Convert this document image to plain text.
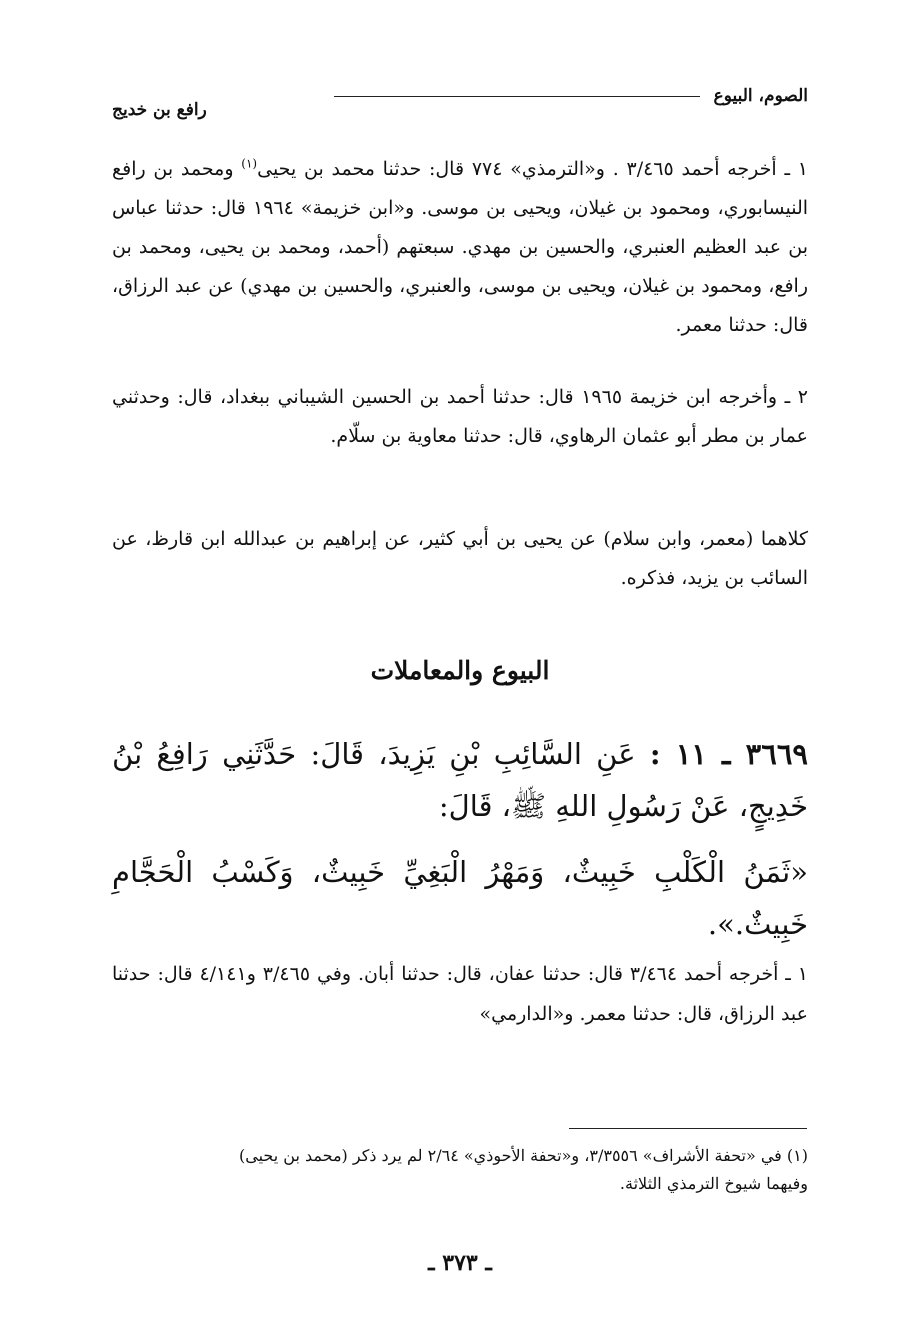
الصوم، البيوع
رافع بن خديج

١ ـ أخرجه أحمد ٣/٤٦٥ . و«الترمذي» ٧٧٤ قال: حدثنا محمد بن يحيى$^{(١)}$ ومحمد بن رافع النيسابوري، ومحمود بن غيلان، ويحيى بن موسى. و«ابن خزيمة» ١٩٦٤ قال: حدثنا عباس بن عبد العظيم العنبري، والحسين بن مهدي. سبعتهم (أحمد، ومحمد بن يحيى، ومحمد بن رافع، ومحمود بن غيلان، ويحيى بن موسى، والعنبري، والحسين بن مهدي) عن عبد الرزاق، قال: حدثنا معمر.

٢ ـ وأخرجه ابن خزيمة ١٩٦٥ قال: حدثنا أحمد بن الحسين الشيباني ببغداد، قال: وحدثني عمار بن مطر أبو عثمان الرهاوي، قال: حدثنا معاوية بن سلّام.

كلاهما (معمر، وابن سلام) عن يحيى بن أبي كثير، عن إبراهيم بن عبدالله ابن قارظ، عن السائب بن يزيد، فذكره.

البيوع والمعاملات

٣٦٦٩ ـ ١١ : عَنِ السَّائِبِ بْنِ يَزِيدَ، قَالَ: حَدَّثَنِي رَافِعُ بْنُ خَدِيجٍ، عَنْ رَسُولِ اللهِ ﷺ، قَالَ:

«ثَمَنُ الْكَلْبِ خَبِيثٌ، وَمَهْرُ الْبَغِيِّ خَبِيثٌ، وَكَسْبُ الْحَجَّامِ خَبِيثٌ.».

١ ـ أخرجه أحمد ٣/٤٦٤ قال: حدثنا عفان، قال: حدثنا أبان. وفي ٣/٤٦٥ و٤/١٤١ قال: حدثنا عبد الرزاق، قال: حدثنا معمر. و«الدارمي»

(١) في «تحفة الأشراف» ٣/٣٥٥٦، و«تحفة الأحوذي» ٢/٦٤ لم يرد ذكر (محمد بن يحيى)

وفيهما شيوخ الترمذي الثلاثة.

ـ ٣٧٣ ـ
